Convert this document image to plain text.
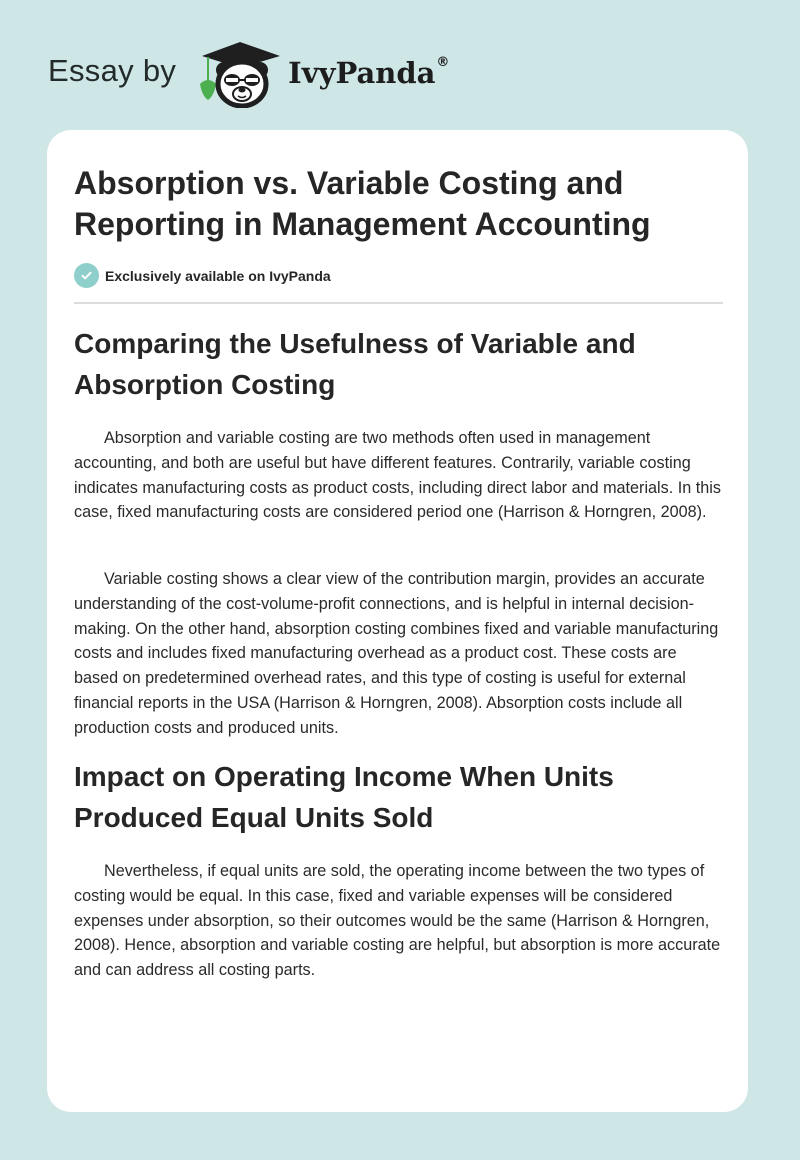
Essay by	IvyPanda®
Absorption vs. Variable Costing and Reporting in Management Accounting
Exclusively available on IvyPanda
Comparing the Usefulness of Variable and Absorption Costing

Absorption and variable costing are two methods often used in management accounting, and both are useful but have different features. Contrarily, variable costing indicates manufacturing costs as product costs, including direct labor and materials. In this case, fixed manufacturing costs are considered period one (Harrison & Horngren, 2008).

Variable costing shows a clear view of the contribution margin, provides an accurate understanding of the cost-volume-profit connections, and is helpful in internal decision-making. On the other hand, absorption costing combines fixed and variable manufacturing costs and includes fixed manufacturing overhead as a product cost. These costs are based on predetermined overhead rates, and this type of costing is useful for external financial reports in the USA (Harrison & Horngren, 2008). Absorption costs include all production costs and produced units.

Impact on Operating Income When Units Produced Equal Units Sold

Nevertheless, if equal units are sold, the operating income between the two types of costing would be equal. In this case, fixed and variable expenses will be considered expenses under absorption, so their outcomes would be the same (Harrison & Horngren, 2008). Hence, absorption and variable costing are helpful, but absorption is more accurate and can address all costing parts.
